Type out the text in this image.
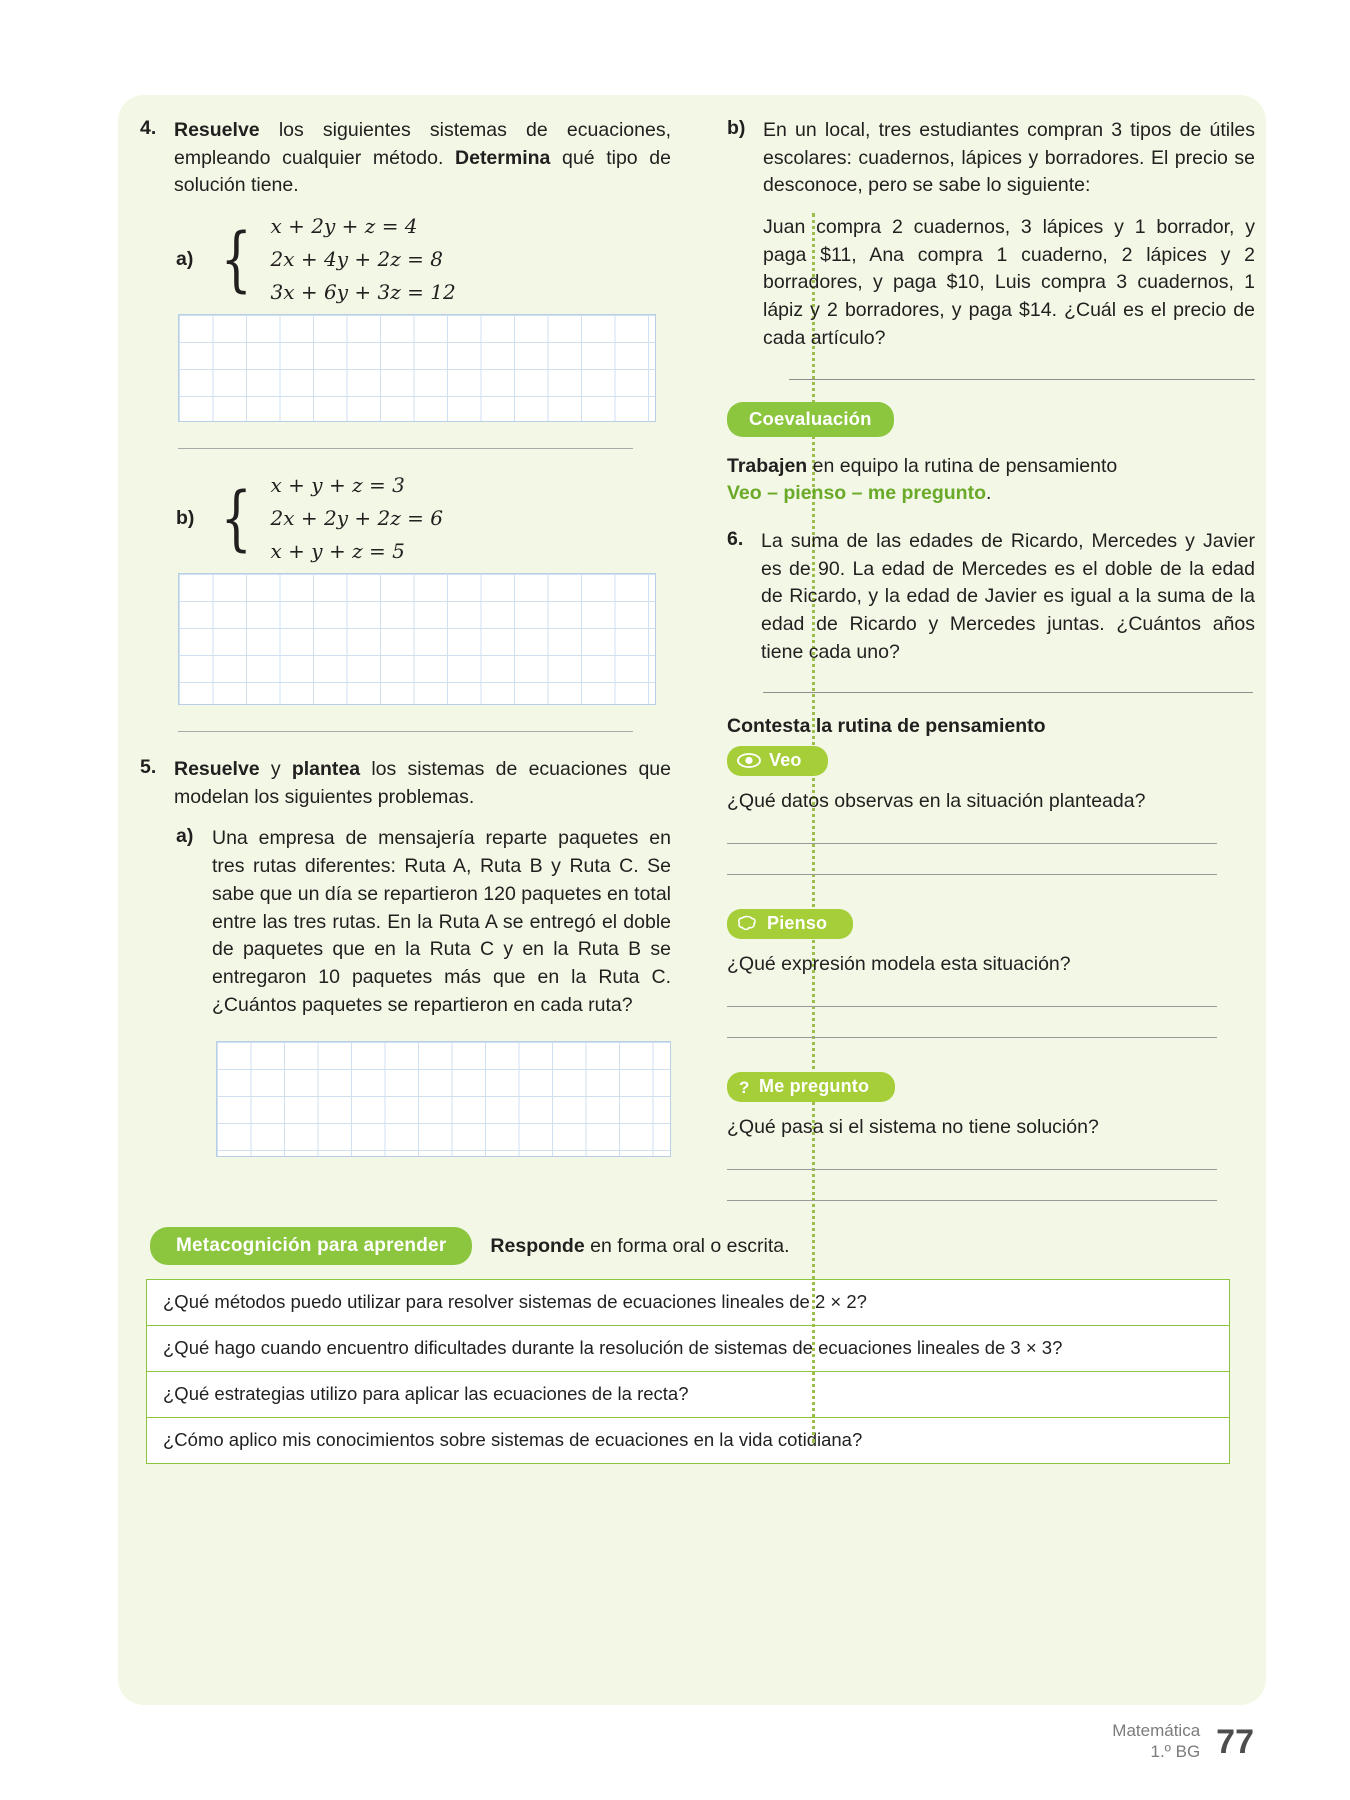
4. Resuelve los siguientes sistemas de ecuaciones, empleando cualquier método. Determina qué tipo de solución tiene.
a) { x + 2y + z = 4
2x + 4y + 2z = 8
3x + 6y + 3z = 12
b) { x + y + z = 3
2x + 2y + 2z = 6
x + y + z = 5
5. Resuelve y plantea los sistemas de ecuaciones que modelan los siguientes problemas.
a) Una empresa de mensajería reparte paquetes en tres rutas diferentes: Ruta A, Ruta B y Ruta C. Se sabe que un día se repartieron 120 paquetes en total entre las tres rutas. En la Ruta A se entregó el doble de paquetes que en la Ruta C y en la Ruta B se entregaron 10 paquetes más que en la Ruta C. ¿Cuántos paquetes se repartieron en cada ruta?
b) En un local, tres estudiantes compran 3 tipos de útiles escolares: cuadernos, lápices y borradores. El precio se desconoce, pero se sabe lo siguiente:
Juan compra 2 cuadernos, 3 lápices y 1 borrador, y paga $11, Ana compra 1 cuaderno, 2 lápices y 2 borradores, y paga $10, Luis compra 3 cuadernos, 1 lápiz y 2 borradores, y paga $14. ¿Cuál es el precio de cada artículo?
Coevaluación
Trabajen en equipo la rutina de pensamiento
Veo – pienso – me pregunto.
6. La suma de las edades de Ricardo, Mercedes y Javier es de 90. La edad de Mercedes es el doble de la edad de Ricardo, y la edad de Javier es igual a la suma de la edad de Ricardo y Mercedes juntas. ¿Cuántos años tiene cada uno?
Contesta la rutina de pensamiento
Veo
¿Qué datos observas en la situación planteada?
Pienso
¿Qué expresión modela esta situación?
? Me pregunto
¿Qué pasa si el sistema no tiene solución?
Metacognición para aprender	Responde en forma oral o escrita.
¿Qué métodos puedo utilizar para resolver sistemas de ecuaciones lineales de 2 × 2?
¿Qué hago cuando encuentro dificultades durante la resolución de sistemas de ecuaciones lineales de 3 × 3?
¿Qué estrategias utilizo para aplicar las ecuaciones de la recta?
¿Cómo aplico mis conocimientos sobre sistemas de ecuaciones en la vida cotidiana?
Matemática
1.º BG 77
